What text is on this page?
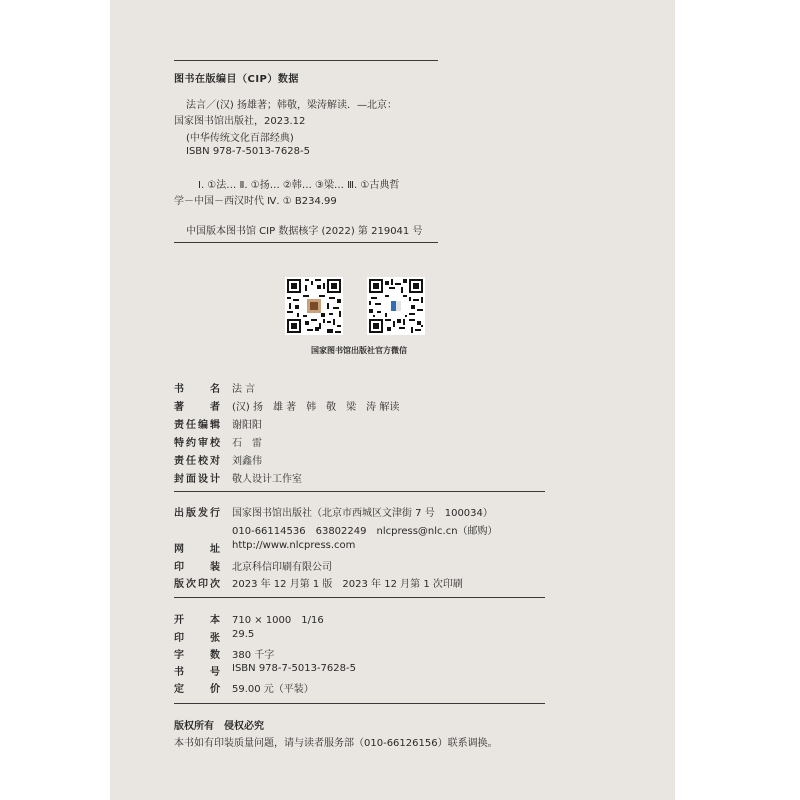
图书在版编目（CIP）数据
法言／(汉) 扬雄著；韩敬，梁涛解读．—北京：
国家图书馆出版社，2023.12
(中华传统文化百部经典)
ISBN 978-7-5013-7628-5
Ⅰ. ①法… Ⅱ. ①扬… ②韩… ③梁… Ⅲ. ①古典哲
学－中国－西汉时代 Ⅳ. ① B234.99
中国版本图书馆 CIP 数据核字 (2022) 第 219041 号
国家图书馆出版社官方微信
书	名 法 言
著	者 (汉) 扬　雄 著　韩　敬　梁　涛 解读
责 任 编 辑 谢阳阳
特 约 审 校 石　雷
责 任 校 对 刘鑫伟
封 面 设 计 敬人设计工作室
出 版 发 行 国家图书馆出版社（北京市西城区文津街 7 号　100034）
010-66114536　63802249　nlcpress@nlc.cn（邮购）
网	址 http://www.nlcpress.com
印	装 北京科信印刷有限公司
版 次 印 次 2023 年 12 月第 1 版　2023 年 12 月第 1 次印刷
开	本 710 × 1000　1/16
印	张 29.5
字	数 380 千字
书	号 ISBN 978-7-5013-7628-5
定	价 59.00 元（平装）
版权所有　侵权必究
本书如有印装质量问题，请与读者服务部（010-66126156）联系调换。
